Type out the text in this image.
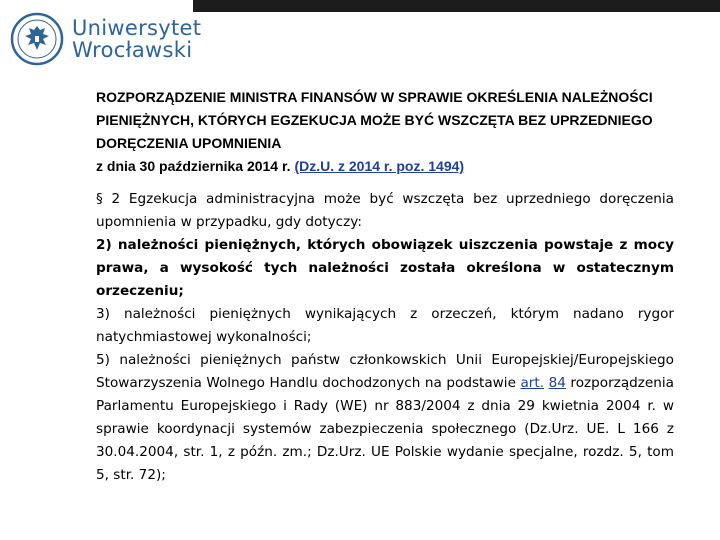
Uniwersytet
Wrocławski

ROZPORZĄDZENIE MINISTRA FINANSÓW W SPRAWIE OKREŚLENIA NALEŻNOŚCI PIENIĘŻNYCH, KTÓRYCH EGZEKUCJA MOŻE BYĆ WSZCZĘTA BEZ UPRZEDNIEGO DORĘCZENIA UPOMNIENIA

z dnia 30 października 2014 r. (Dz.U. z 2014 r. poz. 1494)

§ 2 Egzekucja administracyjna może być wszczęta bez uprzedniego doręczenia upomnienia w przypadku, gdy dotyczy:

2) należności pieniężnych, których obowiązek uiszczenia powstaje z mocy prawa, a wysokość tych należności została określona w ostatecznym orzeczeniu;

3) należności pieniężnych wynikających z orzeczeń, którym nadano rygor natychmiastowej wykonalności;

5) należności pieniężnych państw członkowskich Unii Europejskiej/Europejskiego Stowarzyszenia Wolnego Handlu dochodzonych na podstawie art. 84 rozporządzenia Parlamentu Europejskiego i Rady (WE) nr 883/2004 z dnia 29 kwietnia 2004 r. w sprawie koordynacji systemów zabezpieczenia społecznego (Dz.Urz. UE. L 166 z 30.04.2004, str. 1, z późn. zm.; Dz.Urz. UE Polskie wydanie specjalne, rozdz. 5, tom 5, str. 72);
